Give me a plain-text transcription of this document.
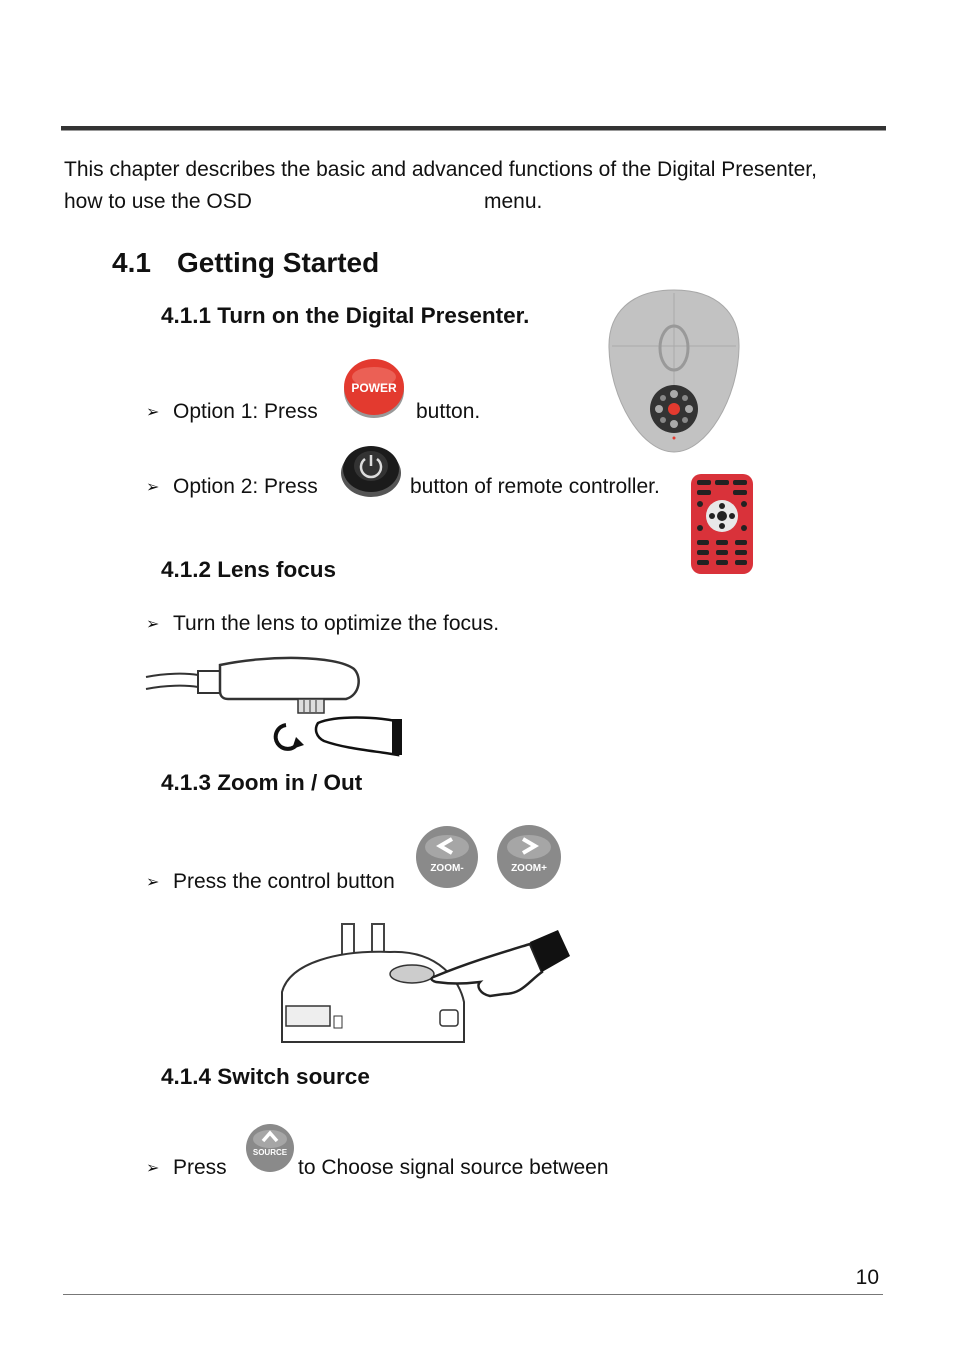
This chapter describes the basic and advanced functions of the Digital Presenter,
how to use the OSD	menu.
4.1 Getting Started
4.1.1 Turn on the Digital Presenter.
➢ Option 1: Press
POWER
button.
➢ Option 2: Press	button of remote controller.
4.1.2 Lens focus
➢ Turn the lens to optimize the focus.
4.1.3 Zoom in / Out
➢ Press the control button
ZOOM-	ZOOM+
4.1.4 Switch source
➢ Press
SOURCE
to Choose signal source between
10
